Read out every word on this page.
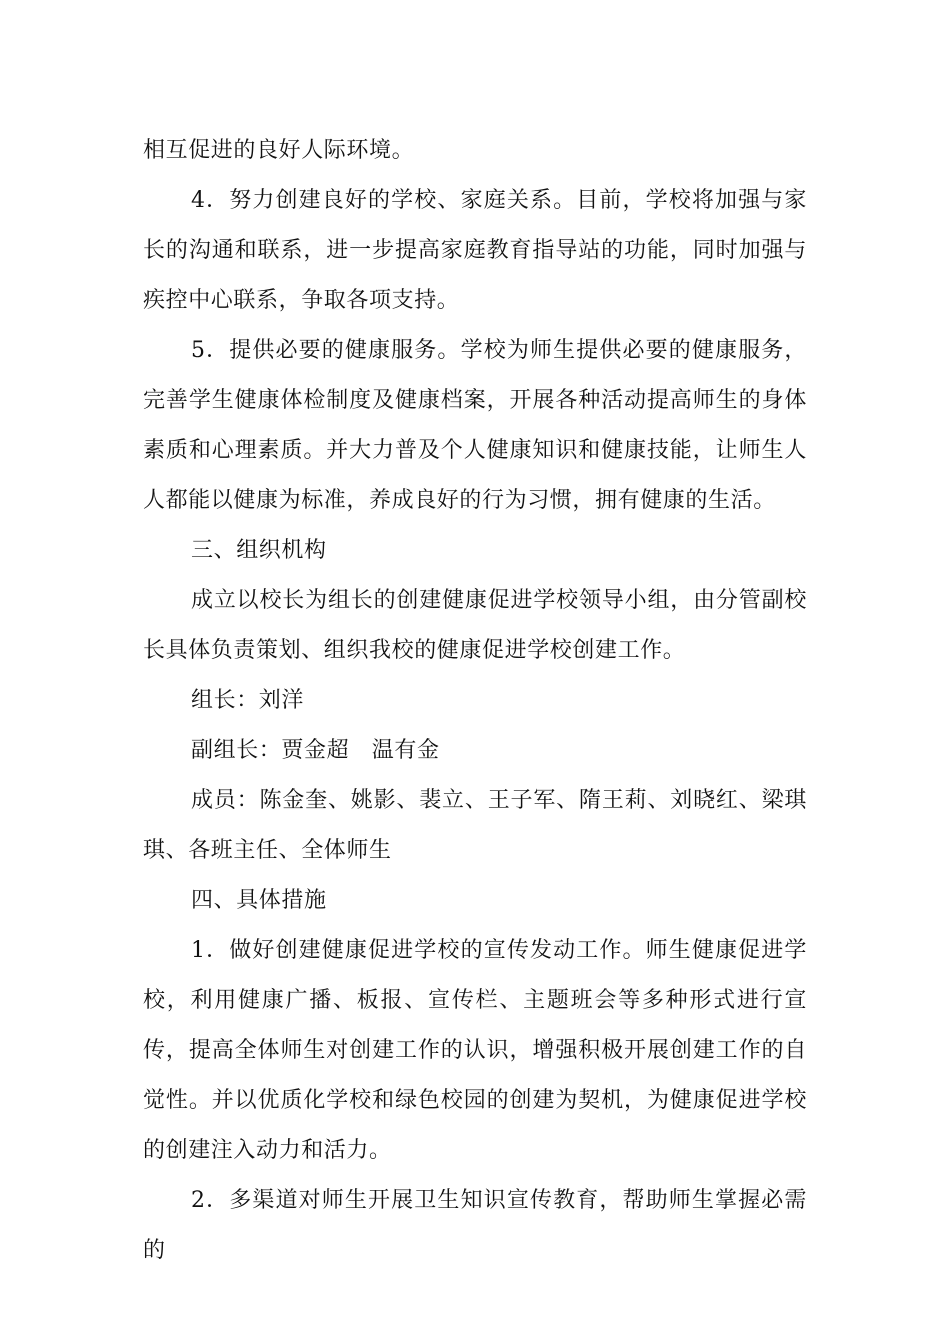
相互促进的良好人际环境。

4．努力创建良好的学校、家庭关系。目前，学校将加强与家长的沟通和联系，进一步提高家庭教育指导站的功能，同时加强与疾控中心联系，争取各项支持。

5．提供必要的健康服务。学校为师生提供必要的健康服务，完善学生健康体检制度及健康档案，开展各种活动提高师生的身体素质和心理素质。并大力普及个人健康知识和健康技能，让师生人人都能以健康为标准，养成良好的行为习惯，拥有健康的生活。

三、组织机构

成立以校长为组长的创建健康促进学校领导小组，由分管副校长具体负责策划、组织我校的健康促进学校创建工作。

组长：刘洋

副组长：贾金超　温有金

成员：陈金奎、姚影、裴立、王子军、隋王莉、刘晓红、梁琪琪、各班主任、全体师生

四、具体措施

1．做好创建健康促进学校的宣传发动工作。师生健康促进学校，利用健康广播、板报、宣传栏、主题班会等多种形式进行宣传，提高全体师生对创建工作的认识，增强积极开展创建工作的自觉性。并以优质化学校和绿色校园的创建为契机，为健康促进学校的创建注入动力和活力。

2．多渠道对师生开展卫生知识宣传教育，帮助师生掌握必需的
